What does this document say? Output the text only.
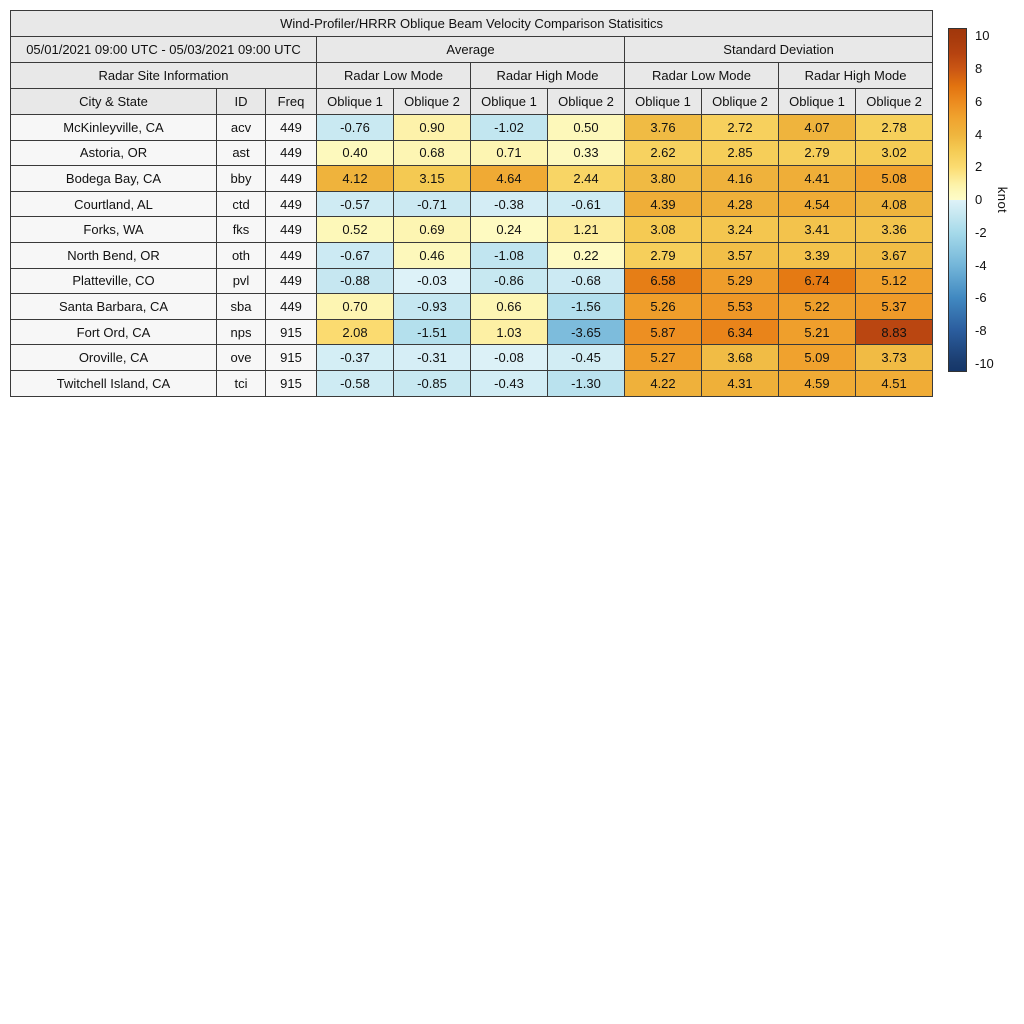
Wind-Profiler/HRRR Oblique Beam Velocity Comparison Statisitics										
05/01/2021 09:00 UTC - 05/03/2021 09:00 UTC			Average				Standard Deviation			
Radar Site Information			Radar Low Mode		Radar High Mode		Radar Low Mode		Radar High Mode	
City & State	ID	Freq	Oblique 1	Oblique 2	Oblique 1	Oblique 2	Oblique 1	Oblique 2	Oblique 1	Oblique 2
McKinleyville, CA	acv	449	-0.76	0.90	-1.02	0.50	3.76	2.72	4.07	2.78
Astoria, OR	ast	449	0.40	0.68	0.71	0.33	2.62	2.85	2.79	3.02
Bodega Bay, CA	bby	449	4.12	3.15	4.64	2.44	3.80	4.16	4.41	5.08
Courtland, AL	ctd	449	-0.57	-0.71	-0.38	-0.61	4.39	4.28	4.54	4.08
Forks, WA	fks	449	0.52	0.69	0.24	1.21	3.08	3.24	3.41	3.36
North Bend, OR	oth	449	-0.67	0.46	-1.08	0.22	2.79	3.57	3.39	3.67
Platteville, CO	pvl	449	-0.88	-0.03	-0.86	-0.68	6.58	5.29	6.74	5.12
Santa Barbara, CA	sba	449	0.70	-0.93	0.66	-1.56	5.26	5.53	5.22	5.37
Fort Ord, CA	nps	915	2.08	-1.51	1.03	-3.65	5.87	6.34	5.21	8.83
Oroville, CA	ove	915	-0.37	-0.31	-0.08	-0.45	5.27	3.68	5.09	3.73
Twitchell Island, CA	tci	915	-0.58	-0.85	-0.43	-1.30	4.22	4.31	4.59	4.51
10
8
6
4
2
0
-2
-4
-6
-8
-10
knot
